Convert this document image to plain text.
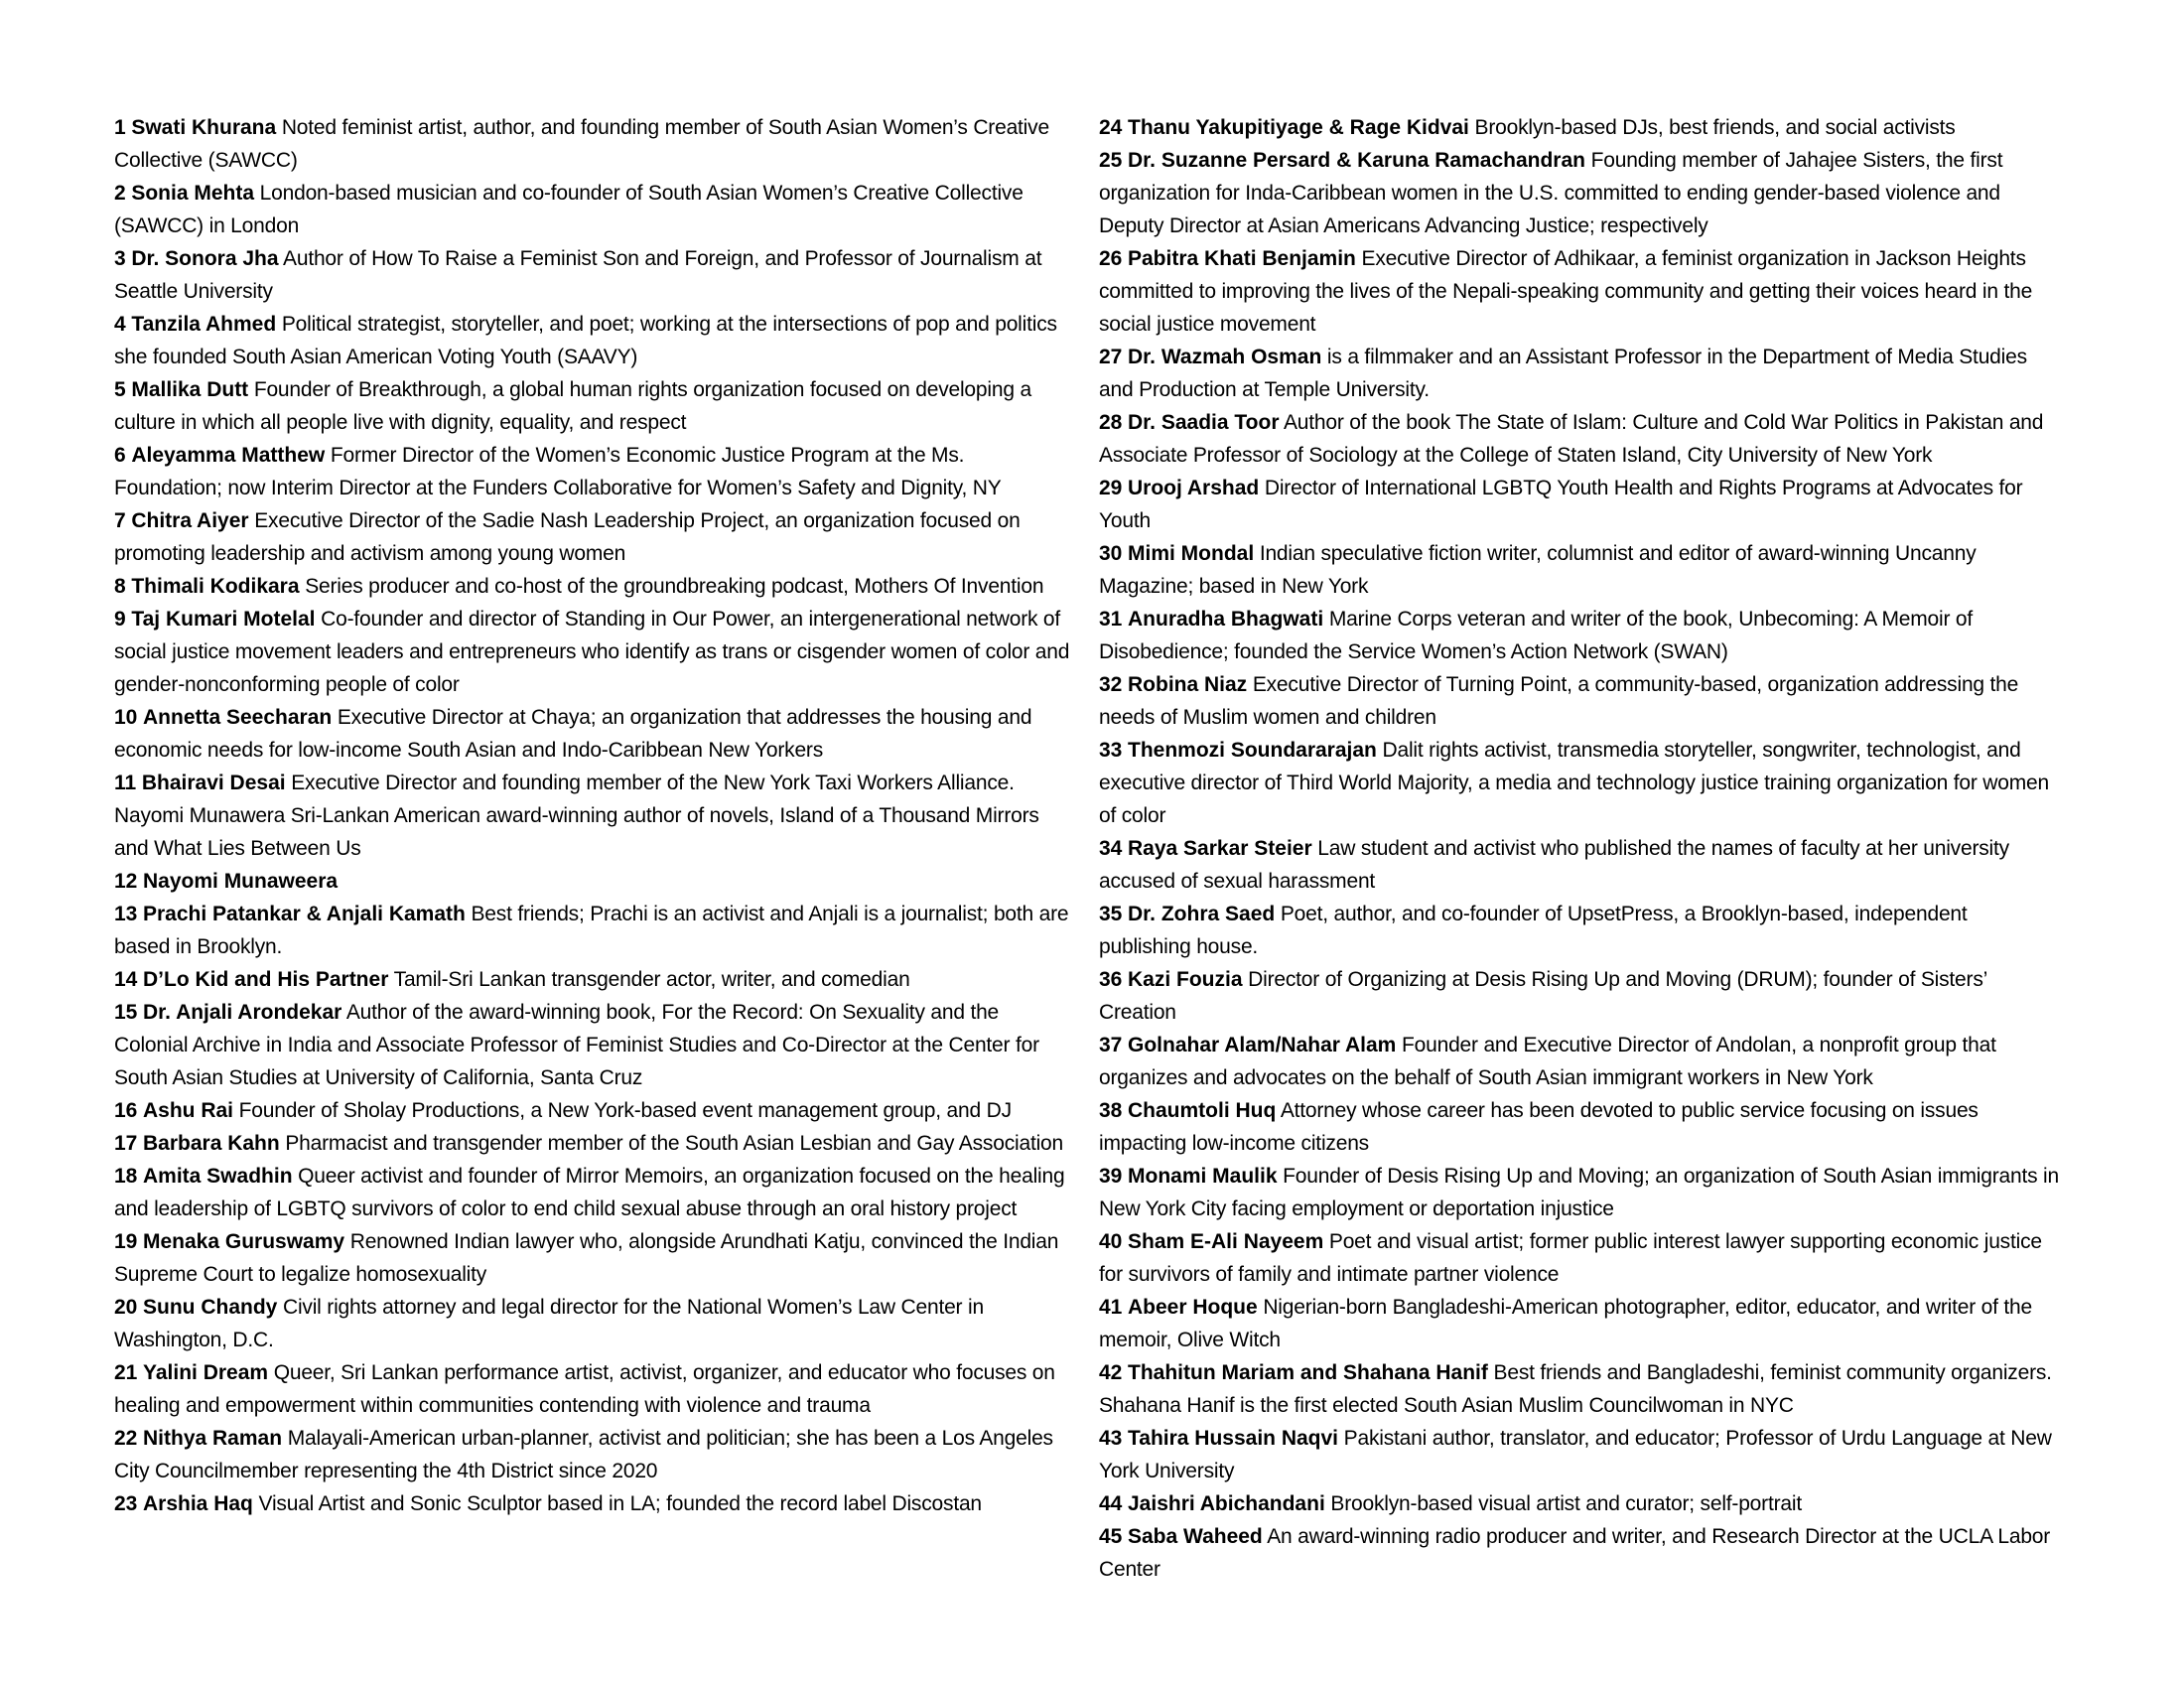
1 Swati Khurana Noted feminist artist, author, and founding member of South Asian Women’s Creative Collective (SAWCC)

2 Sonia Mehta London-based musician and co-founder of South Asian Women’s Creative Collective (SAWCC) in London

3 Dr. Sonora Jha Author of How To Raise a Feminist Son and Foreign, and Professor of Journalism at Seattle University

4 Tanzila Ahmed Political strategist, storyteller, and poet; working at the intersections of pop and politics she founded South Asian American Voting Youth (SAAVY)

5 Mallika Dutt Founder of Breakthrough, a global human rights organization focused on developing a culture in which all people live with dignity, equality, and respect

6 Aleyamma Matthew Former Director of the Women’s Economic Justice Program at the Ms. Foundation; now Interim Director at the Funders Collaborative for Women’s Safety and Dignity, NY

7 Chitra Aiyer Executive Director of the Sadie Nash Leadership Project, an organization focused on promoting leadership and activism among young women

8 Thimali Kodikara Series producer and co-host of the groundbreaking podcast, Mothers Of Invention

9 Taj Kumari Motelal Co-founder and director of Standing in Our Power, an intergenerational network of social justice movement leaders and entrepreneurs who identify as trans or cisgender women of color and gender-nonconforming people of color

10 Annetta Seecharan Executive Director at Chaya; an organization that addresses the housing and economic needs for low-income South Asian and Indo-Caribbean New Yorkers

11 Bhairavi Desai Executive Director and founding member of the New York Taxi Workers Alliance. Nayomi Munawera Sri-Lankan American award-winning author of novels, Island of a Thousand Mirrors and What Lies Between Us

12 Nayomi Munaweera

13 Prachi Patankar & Anjali Kamath Best friends; Prachi is an activist and Anjali is a journalist; both are based in Brooklyn.

14 D’Lo Kid and His Partner Tamil-Sri Lankan transgender actor, writer, and comedian

15 Dr. Anjali Arondekar Author of the award-winning book, For the Record: On Sexuality and the Colonial Archive in India and Associate Professor of Feminist Studies and Co-Director at the Center for South Asian Studies at University of California, Santa Cruz

16 Ashu Rai Founder of Sholay Productions, a New York-based event management group, and DJ

17 Barbara Kahn Pharmacist and transgender member of the South Asian Lesbian and Gay Association

18 Amita Swadhin Queer activist and founder of Mirror Memoirs, an organization focused on the healing and leadership of LGBTQ survivors of color to end child sexual abuse through an oral history project

19 Menaka Guruswamy Renowned Indian lawyer who, alongside Arundhati Katju, convinced the Indian Supreme Court to legalize homosexuality

20 Sunu Chandy Civil rights attorney and legal director for the National Women’s Law Center in Washington, D.C.

21 Yalini Dream Queer, Sri Lankan performance artist, activist, organizer, and educator who focuses on healing and empowerment within communities contending with violence and trauma

22 Nithya Raman Malayali-American urban-planner, activist and politician; she has been a Los Angeles City Councilmember representing the 4th District since 2020

23 Arshia Haq Visual Artist and Sonic Sculptor based in LA; founded the record label Discostan

24 Thanu Yakupitiyage & Rage Kidvai Brooklyn-based DJs, best friends, and social activists

25 Dr. Suzanne Persard & Karuna Ramachandran Founding member of Jahajee Sisters, the first organization for Inda-Caribbean women in the U.S. committed to ending gender-based violence and Deputy Director at Asian Americans Advancing Justice; respectively

26 Pabitra Khati Benjamin Executive Director of Adhikaar, a feminist organization in Jackson Heights committed to improving the lives of the Nepali-speaking community and getting their voices heard in the social justice movement

27 Dr. Wazmah Osman is a filmmaker and an Assistant Professor in the Department of Media Studies and Production at Temple University.

28 Dr. Saadia Toor Author of the book The State of Islam: Culture and Cold War Politics in Pakistan and Associate Professor of Sociology at the College of Staten Island, City University of New York

29 Urooj Arshad Director of International LGBTQ Youth Health and Rights Programs at Advocates for Youth

30 Mimi Mondal Indian speculative fiction writer, columnist and editor of award-winning Uncanny Magazine; based in New York

31 Anuradha Bhagwati Marine Corps veteran and writer of the book, Unbecoming: A Memoir of Disobedience; founded the Service Women’s Action Network (SWAN)

32 Robina Niaz Executive Director of Turning Point, a community-based, organization addressing the needs of Muslim women and children

33 Thenmozi Soundararajan Dalit rights activist, transmedia storyteller, songwriter, technologist, and executive director of Third World Majority, a media and technology justice training organization for women of color

34 Raya Sarkar Steier Law student and activist who published the names of faculty at her university accused of sexual harassment

35 Dr. Zohra Saed Poet, author, and co-founder of UpsetPress, a Brooklyn-based, independent publishing house.

36 Kazi Fouzia Director of Organizing at Desis Rising Up and Moving (DRUM); founder of Sisters’ Creation

37 Golnahar Alam/Nahar Alam Founder and Executive Director of Andolan, a nonprofit group that organizes and advocates on the behalf of South Asian immigrant workers in New York

38 Chaumtoli Huq Attorney whose career has been devoted to public service focusing on issues impacting low-income citizens

39 Monami Maulik Founder of Desis Rising Up and Moving; an organization of South Asian immigrants in New York City facing employment or deportation injustice

40 Sham E-Ali Nayeem Poet and visual artist; former public interest lawyer supporting economic justice for survivors of family and intimate partner violence

41 Abeer Hoque Nigerian-born Bangladeshi-American photographer, editor, educator, and writer of the memoir, Olive Witch

42 Thahitun Mariam and Shahana Hanif Best friends and Bangladeshi, feminist community organizers. Shahana Hanif is the first elected South Asian Muslim Councilwoman in NYC

43 Tahira Hussain Naqvi Pakistani author, translator, and educator; Professor of Urdu Language at New York University

44 Jaishri Abichandani Brooklyn-based visual artist and curator; self-portrait

45 Saba Waheed An award-winning radio producer and writer, and Research Director at the UCLA Labor Center
